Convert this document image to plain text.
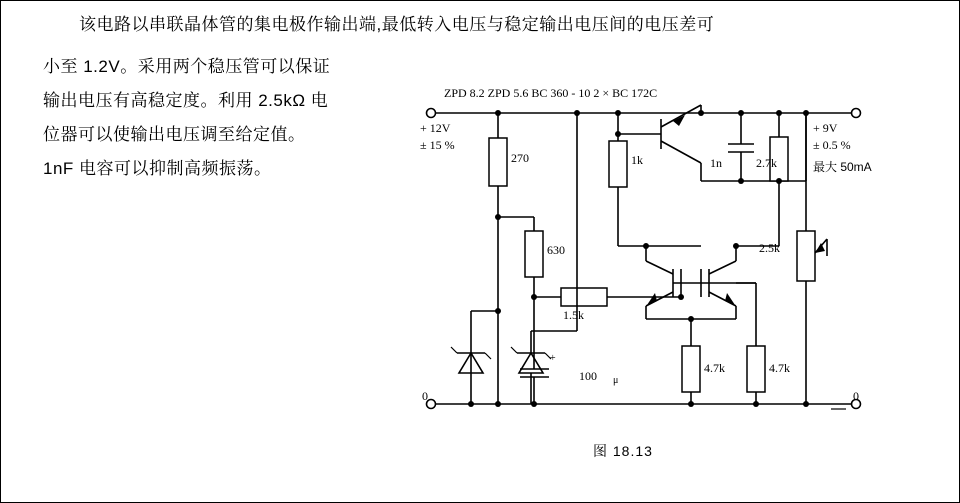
该电路以串联晶体管的集电极作输出端,最低转入电压与稳定输出电压间的电压差可
小至 1.2V。采用两个稳压管可以保证
输出电压有高稳定度。利用 2.5kΩ 电
位器可以使输出电压调至给定值。
1nF 电容可以抑制高频振荡。
ZPD 8.2 ZPD 5.6 BC 360 - 10 2 × BC 172C
+ 12V
± 15 %
0
+ 9V
± 0.5 %
最大 50mA
0
270	1k	1n	2.7k
630	2.5k
1.5k
100 μ
+
4.7k	4.7k
图 18.13
